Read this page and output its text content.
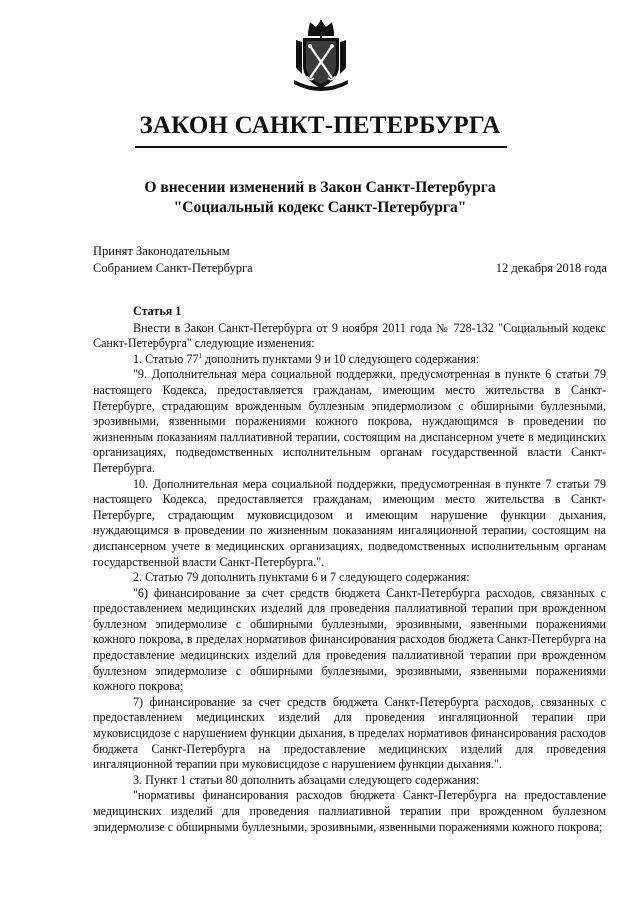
ЗАКОН САНКТ-ПЕТЕРБУРГА
О внесении изменений в Закон Санкт-Петербурга
"Социальный кодекс Санкт-Петербурга"
Принят Законодательным
Собранием Санкт-Петербурга	12 декабря 2018 года

Статья 1

Внести в Закон Санкт-Петербурга от 9 ноября 2011 года № 728-132 "Социальный кодекс Санкт-Петербурга" следующие изменения:

1. Статью $77^1$ дополнить пунктами 9 и 10 следующего содержания:

"9. Дополнительная мера социальной поддержки, предусмотренная в пункте 6 статьи 79 настоящего Кодекса, предоставляется гражданам, имеющим место жительства в Санкт-Петербурге, страдающим врожденным буллезным эпидермолизом с обширными буллезными, эрозивными, язвенными поражениями кожного покрова, нуждающимся в проведении по жизненным показаниям паллиативной терапии, состоящим на диспансерном учете в медицинских организациях, подведомственных исполнительным органам государственной власти Санкт-Петербурга.

10. Дополнительная мера социальной поддержки, предусмотренная в пункте 7 статьи 79 настоящего Кодекса, предоставляется гражданам, имеющим место жительства в Санкт-Петербурге, страдающим муковисцидозом и имеющим нарушение функции дыхания, нуждающимся в проведении по жизненным показаниям ингаляционной терапии, состоящим на диспансерном учете в медицинских организациях, подведомственных исполнительным органам государственной власти Санкт-Петербурга.".

2. Статью 79 дополнить пунктами 6 и 7 следующего содержания:

"6) финансирование за счет средств бюджета Санкт-Петербурга расходов, связанных с предоставлением медицинских изделий для проведения паллиативной терапии при врожденном буллезном эпидермолизе с обширными буллезными, эрозивными, язвенными поражениями кожного покрова, в пределах нормативов финансирования расходов бюджета Санкт-Петербурга на предоставление медицинских изделий для проведения паллиативной терапии при врожденном буллезном эпидермолизе с обширными буллезными, эрозивными, язвенными поражениями кожного покрова;

7) финансирование за счет средств бюджета Санкт-Петербурга расходов, связанных с предоставлением медицинских изделий для проведения ингаляционной терапии при муковисцидозе с нарушением функции дыхания, в пределах нормативов финансирования расходов бюджета Санкт-Петербурга на предоставление медицинских изделий для проведения ингаляционной терапии при муковисцидозе с нарушением функции дыхания.".

3. Пункт 1 статьи 80 дополнить абзацами следующего содержания:

"нормативы финансирования расходов бюджета Санкт-Петербурга на предоставление медицинских изделий для проведения паллиативной терапии при врожденном буллезном эпидермолизе с обширными буллезными, эрозивными, язвенными поражениями кожного покрова;
